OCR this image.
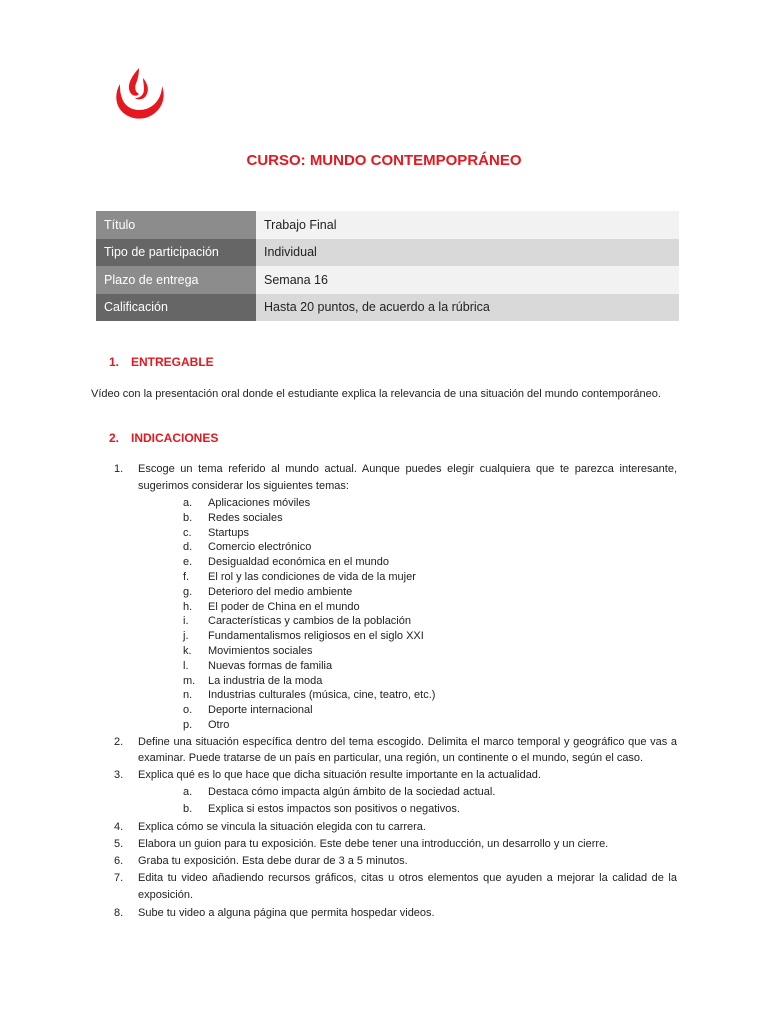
CURSO: MUNDO CONTEMPOPRÁNEO
Título	Trabajo Final
Tipo de participación	Individual
Plazo de entrega	Semana 16
Calificación	Hasta 20 puntos, de acuerdo a la rúbrica
1. ENTREGABLE
Vídeo con la presentación oral donde el estudiante explica la relevancia de una situación del mundo contemporáneo.
2. INDICACIONES
1.	Escoge un tema referido al mundo actual. Aunque puedes elegir cualquiera que te parezca interesante, sugerimos considerar los siguientes temas:
a.	Aplicaciones móviles
b.	Redes sociales
c.	Startups
d.	Comercio electrónico
e.	Desigualdad económica en el mundo
f.	El rol y las condiciones de vida de la mujer
g.	Deterioro del medio ambiente
h.	El poder de China en el mundo
i.	Características y cambios de la población
j.	Fundamentalismos religiosos en el siglo XXI
k.	Movimientos sociales
l.	Nuevas formas de familia
m.	La industria de la moda
n.	Industrias culturales (música, cine, teatro, etc.)
o.	Deporte internacional
p.	Otro
2.	Define una situación específica dentro del tema escogido. Delimita el marco temporal y geográfico que vas a examinar. Puede tratarse de un país en particular, una región, un continente o el mundo, según el caso.
3.	Explica qué es lo que hace que dicha situación resulte importante en la actualidad.
a.	Destaca cómo impacta algún ámbito de la sociedad actual.
b.	Explica si estos impactos son positivos o negativos.
4.	Explica cómo se vincula la situación elegida con tu carrera.
5.	Elabora un guion para tu exposición. Este debe tener una introducción, un desarrollo y un cierre.
6.	Graba tu exposición. Esta debe durar de 3 a 5 minutos.
7.	Edita tu video añadiendo recursos gráficos, citas u otros elementos que ayuden a mejorar la calidad de la exposición.
8.	Sube tu video a alguna página que permita hospedar videos.
